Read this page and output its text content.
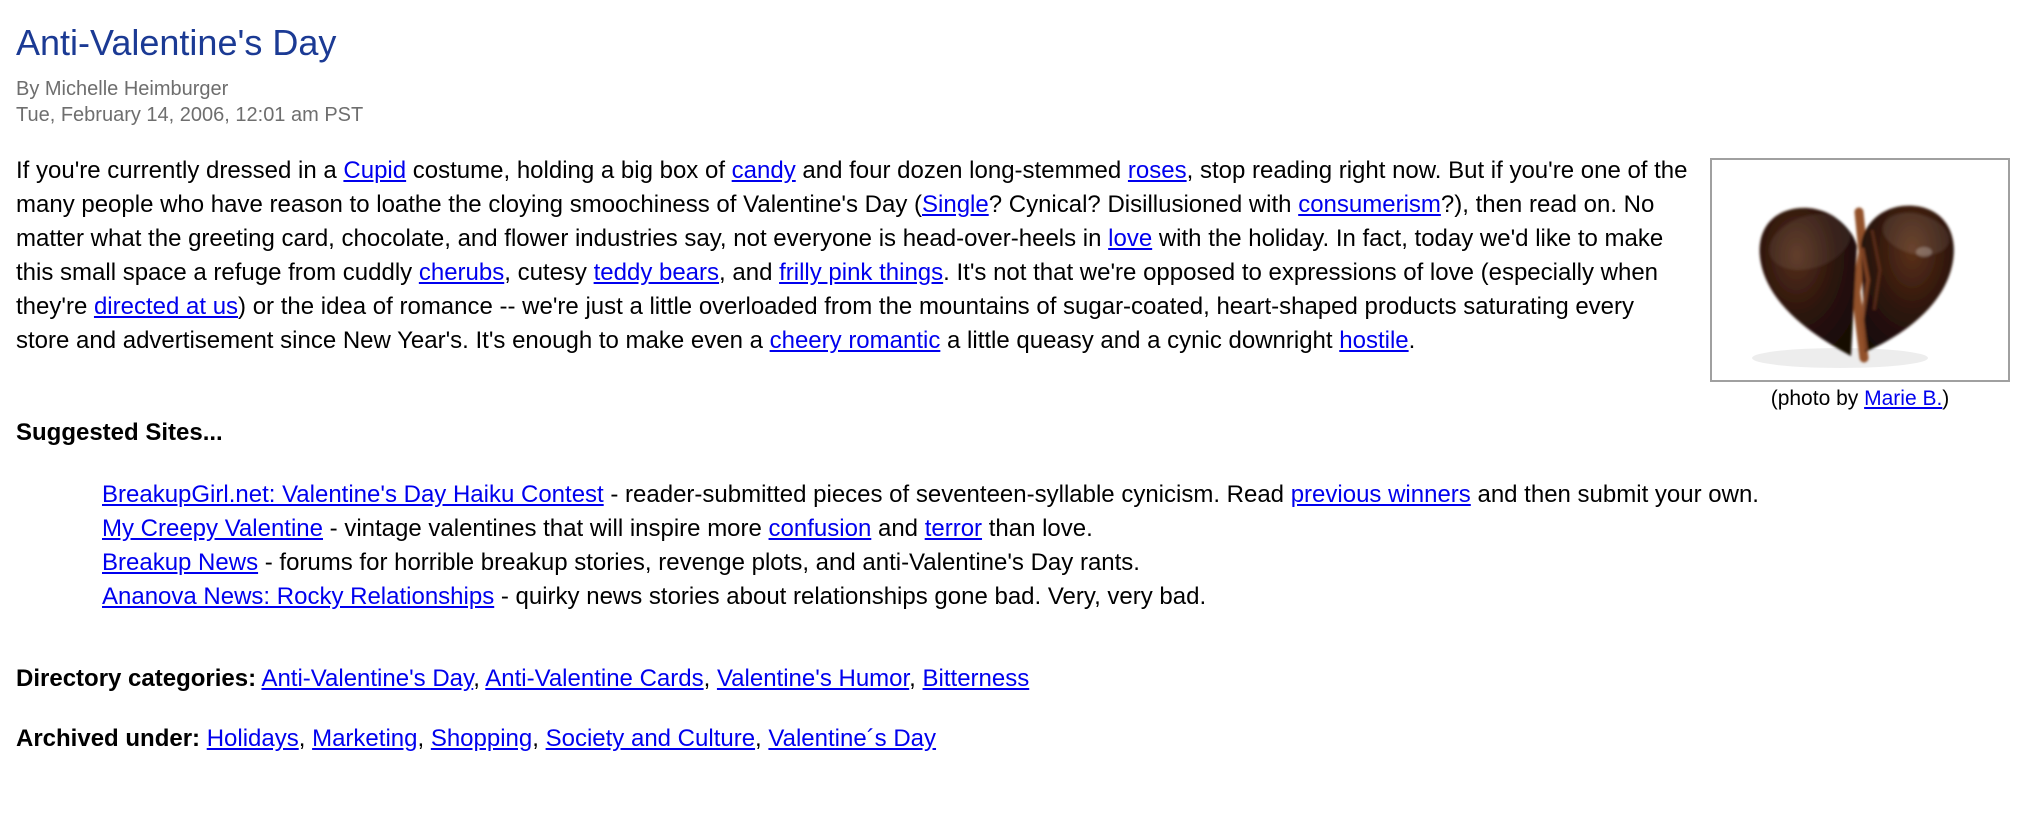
Anti-Valentine's Day
By Michelle Heimburger
Tue, February 14, 2006, 12:01 am PST

(photo by Marie B.)
If you're currently dressed in a Cupid costume, holding a big box of candy and four dozen long-stemmed roses, stop reading right now. But if you're one of the many people who have reason to loathe the cloying smoochiness of Valentine's Day (Single? Cynical? Disillusioned with consumerism?), then read on. No matter what the greeting card, chocolate, and flower industries say, not everyone is head-over-heels in love with the holiday. In fact, today we'd like to make this small space a refuge from cuddly cherubs, cutesy teddy bears, and frilly pink things. It's not that we're opposed to expressions of love (especially when they're directed at us) or the idea of romance -- we're just a little overloaded from the mountains of sugar-coated, heart-shaped products saturating every store and advertisement since New Year's. It's enough to make even a cheery romantic a little queasy and a cynic downright hostile.

Suggested Sites...
BreakupGirl.net: Valentine's Day Haiku Contest - reader-submitted pieces of seventeen-syllable cynicism. Read previous winners and then submit your own.
My Creepy Valentine - vintage valentines that will inspire more confusion and terror than love.
Breakup News - forums for horrible breakup stories, revenge plots, and anti-Valentine's Day rants.
Ananova News: Rocky Relationships - quirky news stories about relationships gone bad. Very, very bad.

Directory categories: Anti-Valentine's Day, Anti-Valentine Cards, Valentine's Humor, Bitterness

Archived under: Holidays, Marketing, Shopping, Society and Culture, Valentine´s Day
